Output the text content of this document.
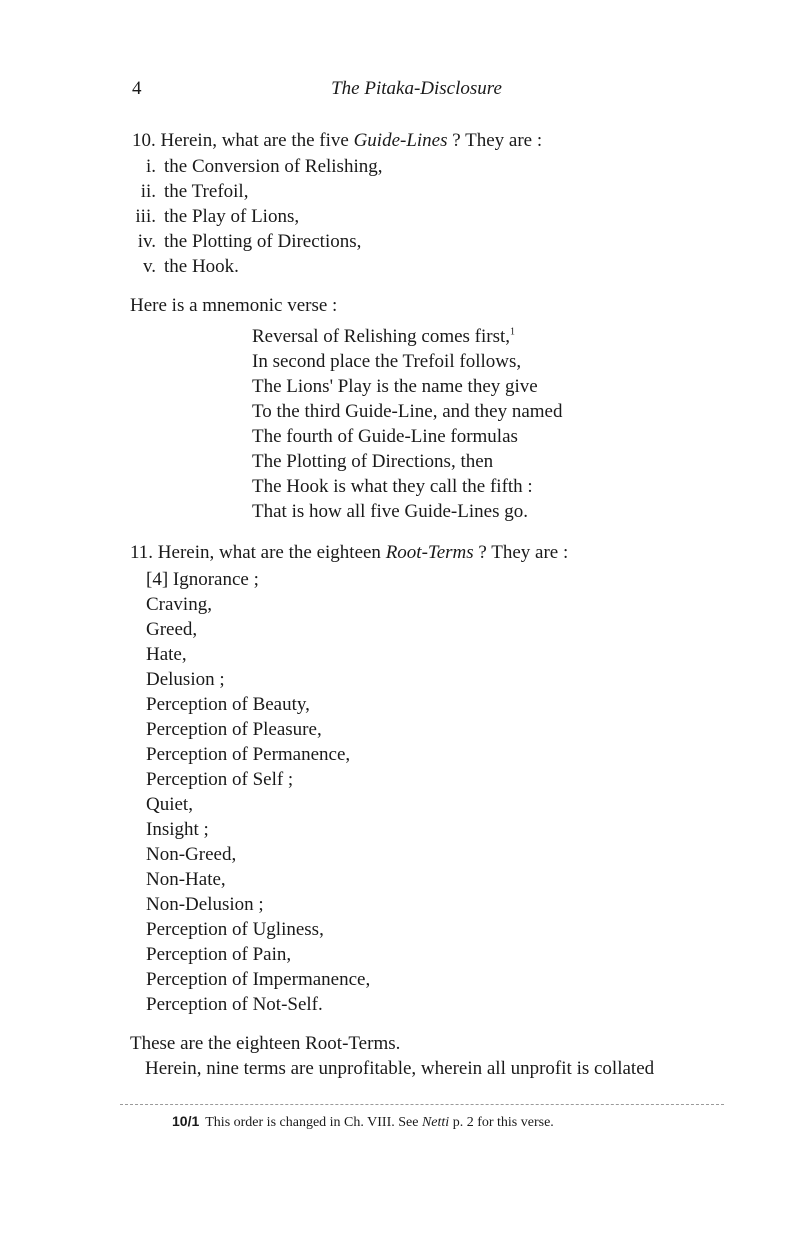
4	The Pitaka-Disclosure
10. Herein, what are the five Guide-Lines ? They are :
i. the Conversion of Relishing,
ii. the Trefoil,
iii. the Play of Lions,
iv. the Plotting of Directions,
v. the Hook.
Here is a mnemonic verse :
Reversal of Relishing comes first,$^1$
In second place the Trefoil follows,
The Lions' Play is the name they give
To the third Guide-Line, and they named
The fourth of Guide-Line formulas
The Plotting of Directions, then
The Hook is what they call the fifth :
That is how all five Guide-Lines go.
11. Herein, what are the eighteen Root-Terms ? They are :
[4] Ignorance ;
Craving,
Greed,
Hate,
Delusion ;
Perception of Beauty,
Perception of Pleasure,
Perception of Permanence,
Perception of Self ;
Quiet,
Insight ;
Non-Greed,
Non-Hate,
Non-Delusion ;
Perception of Ugliness,
Perception of Pain,
Perception of Impermanence,
Perception of Not-Self.
These are the eighteen Root-Terms.
Herein, nine terms are unprofitable, wherein all unprofit is collated
10/1 This order is changed in Ch. VIII. See Netti p. 2 for this verse.
